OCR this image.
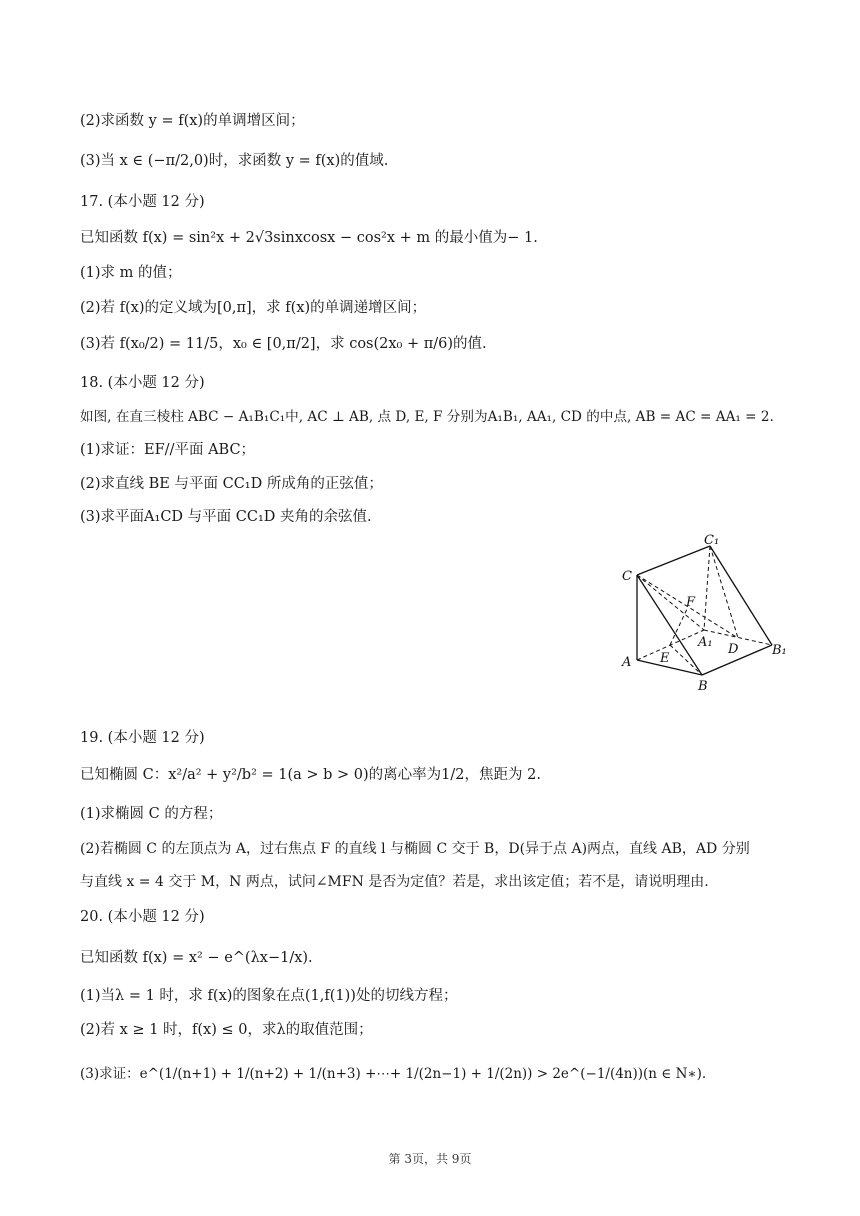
(2)求函数 y = f(x)的单调增区间；
(3)当 x ∈ (−π/2,0)时，求函数 y = f(x)的值域.
17. (本小题 12 分)
已知函数 f(x) = sin²x + 2√3sinxcosx − cos²x + m 的最小值为− 1.
(1)求 m 的值；
(2)若 f(x)的定义域为[0,π]，求 f(x)的单调递增区间；
(3)若 f(x₀/2) = 11/5，x₀ ∈ [0,π/2]，求 cos(2x₀ + π/6)的值.
18. (本小题 12 分)
如图, 在直三棱柱 ABC − A₁B₁C₁中, AC ⊥ AB, 点 D, E, F 分别为A₁B₁, AA₁, CD 的中点, AB = AC = AA₁ = 2.
(1)求证：EF//平面 ABC；
(2)求直线 BE 与平面 CC₁D 所成角的正弦值；
(3)求平面A₁CD 与平面 CC₁D 夹角的余弦值.
C₁
C
F
A₁ D	B₁
E
A
B
19. (本小题 12 分)
已知椭圆 C：x²/a² + y²/b² = 1(a > b > 0)的离心率为1/2，焦距为 2.
(1)求椭圆 C 的方程；
(2)若椭圆 C 的左顶点为 A，过右焦点 F 的直线 l 与椭圆 C 交于 B，D(异于点 A)两点，直线 AB，AD 分别
与直线 x = 4 交于 M，N 两点，试问∠MFN 是否为定值？若是，求出该定值；若不是，请说明理由.
20. (本小题 12 分)
已知函数 f(x) = x² − e^(λx−1/x).
(1)当λ = 1 时，求 f(x)的图象在点(1,f(1))处的切线方程；
(2)若 x ≥ 1 时，f(x) ≤ 0，求λ的取值范围；
(3)求证：e^(1/(n+1) + 1/(n+2) + 1/(n+3) +⋯+ 1/(2n−1) + 1/(2n)) > 2e^(−1/(4n))(n ∈ N∗).
第 3页，共 9页
